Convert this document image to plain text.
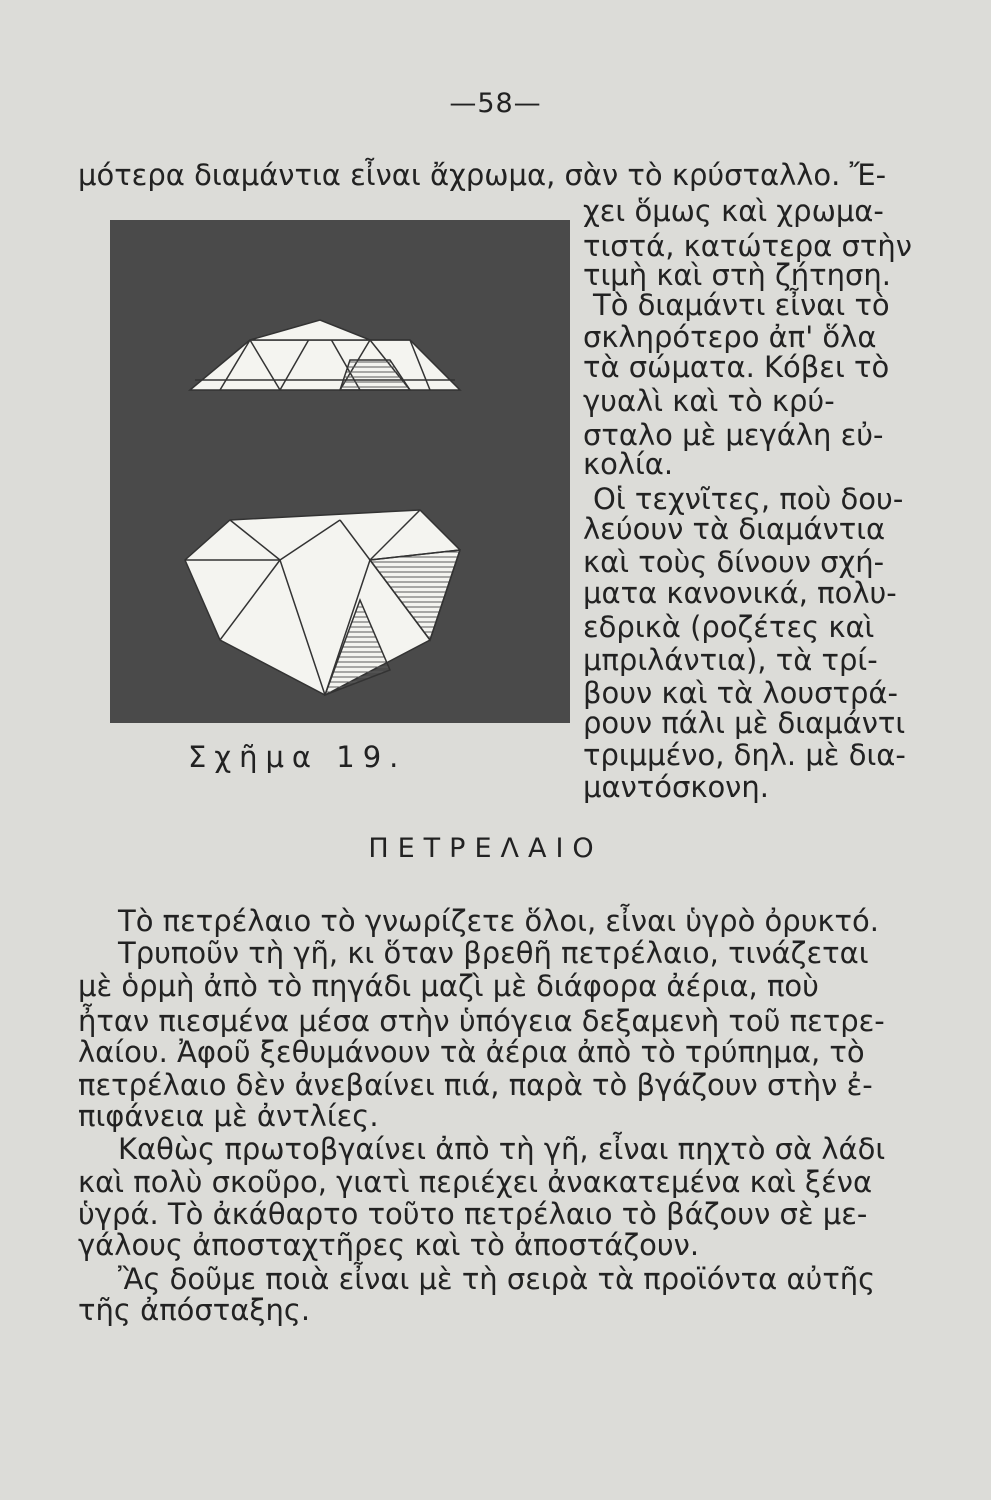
—58—
μότερα διαμάντια εἶναι ἄχρωμα, σὰν τὸ κρύσταλλο. Ἔ-
χει ὅμως καὶ χρωμα-
τιστά, κατώτερα στὴν
τιμὴ καὶ στὴ ζήτηση.
Τὸ διαμάντι εἶναι τὸ
σκληρότερο ἀπ' ὅλα
τὰ σώματα. Κόβει τὸ
γυαλὶ καὶ τὸ κρύ-
σταλο μὲ μεγάλη εὐ-
κολία.
Οἱ τεχνῖτες, ποὺ δου-
λεύουν τὰ διαμάντια
καὶ τοὺς δίνουν σχή-
ματα κανονικά, πολυ-
εδρικὰ (ροζέτες καὶ
μπριλάντια), τὰ τρί-
βουν καὶ τὰ λουστρά-
ρουν πάλι μὲ διαμάντι
τριμμένο, δηλ. μὲ δια-
μαντόσκονη.
Σχῆμα 19.
ΠΕΤΡΕΛΑΙΟ
Τὸ πετρέλαιο τὸ γνωρίζετε ὅλοι, εἶναι ὑγρὸ ὀρυκτό.
Τρυποῦν τὴ γῆ, κι ὅταν βρεθῆ πετρέλαιο, τινάζεται
μὲ ὁρμὴ ἀπὸ τὸ πηγάδι μαζὶ μὲ διάφορα ἀέρια, ποὺ
ἦταν πιεσμένα μέσα στὴν ὑπόγεια δεξαμενὴ τοῦ πετρε-
λαίου. Ἀφοῦ ξεθυμάνουν τὰ ἀέρια ἀπὸ τὸ τρύπημα, τὸ
πετρέλαιο δὲν ἀνεβαίνει πιά, παρὰ τὸ βγάζουν στὴν ἐ-
πιφάνεια μὲ ἀντλίες.
Καθὼς πρωτοβγαίνει ἀπὸ τὴ γῆ, εἶναι πηχτὸ σὰ λάδι
καὶ πολὺ σκοῦρο, γιατὶ περιέχει ἀνακατεμένα καὶ ξένα
ὑγρά. Τὸ ἀκάθαρτο τοῦτο πετρέλαιο τὸ βάζουν σὲ με-
γάλους ἀποσταχτῆρες καὶ τὸ ἀποστάζουν.
Ἂς δοῦμε ποιὰ εἶναι μὲ τὴ σειρὰ τὰ προϊόντα αὐτῆς
τῆς ἀπόσταξης.
